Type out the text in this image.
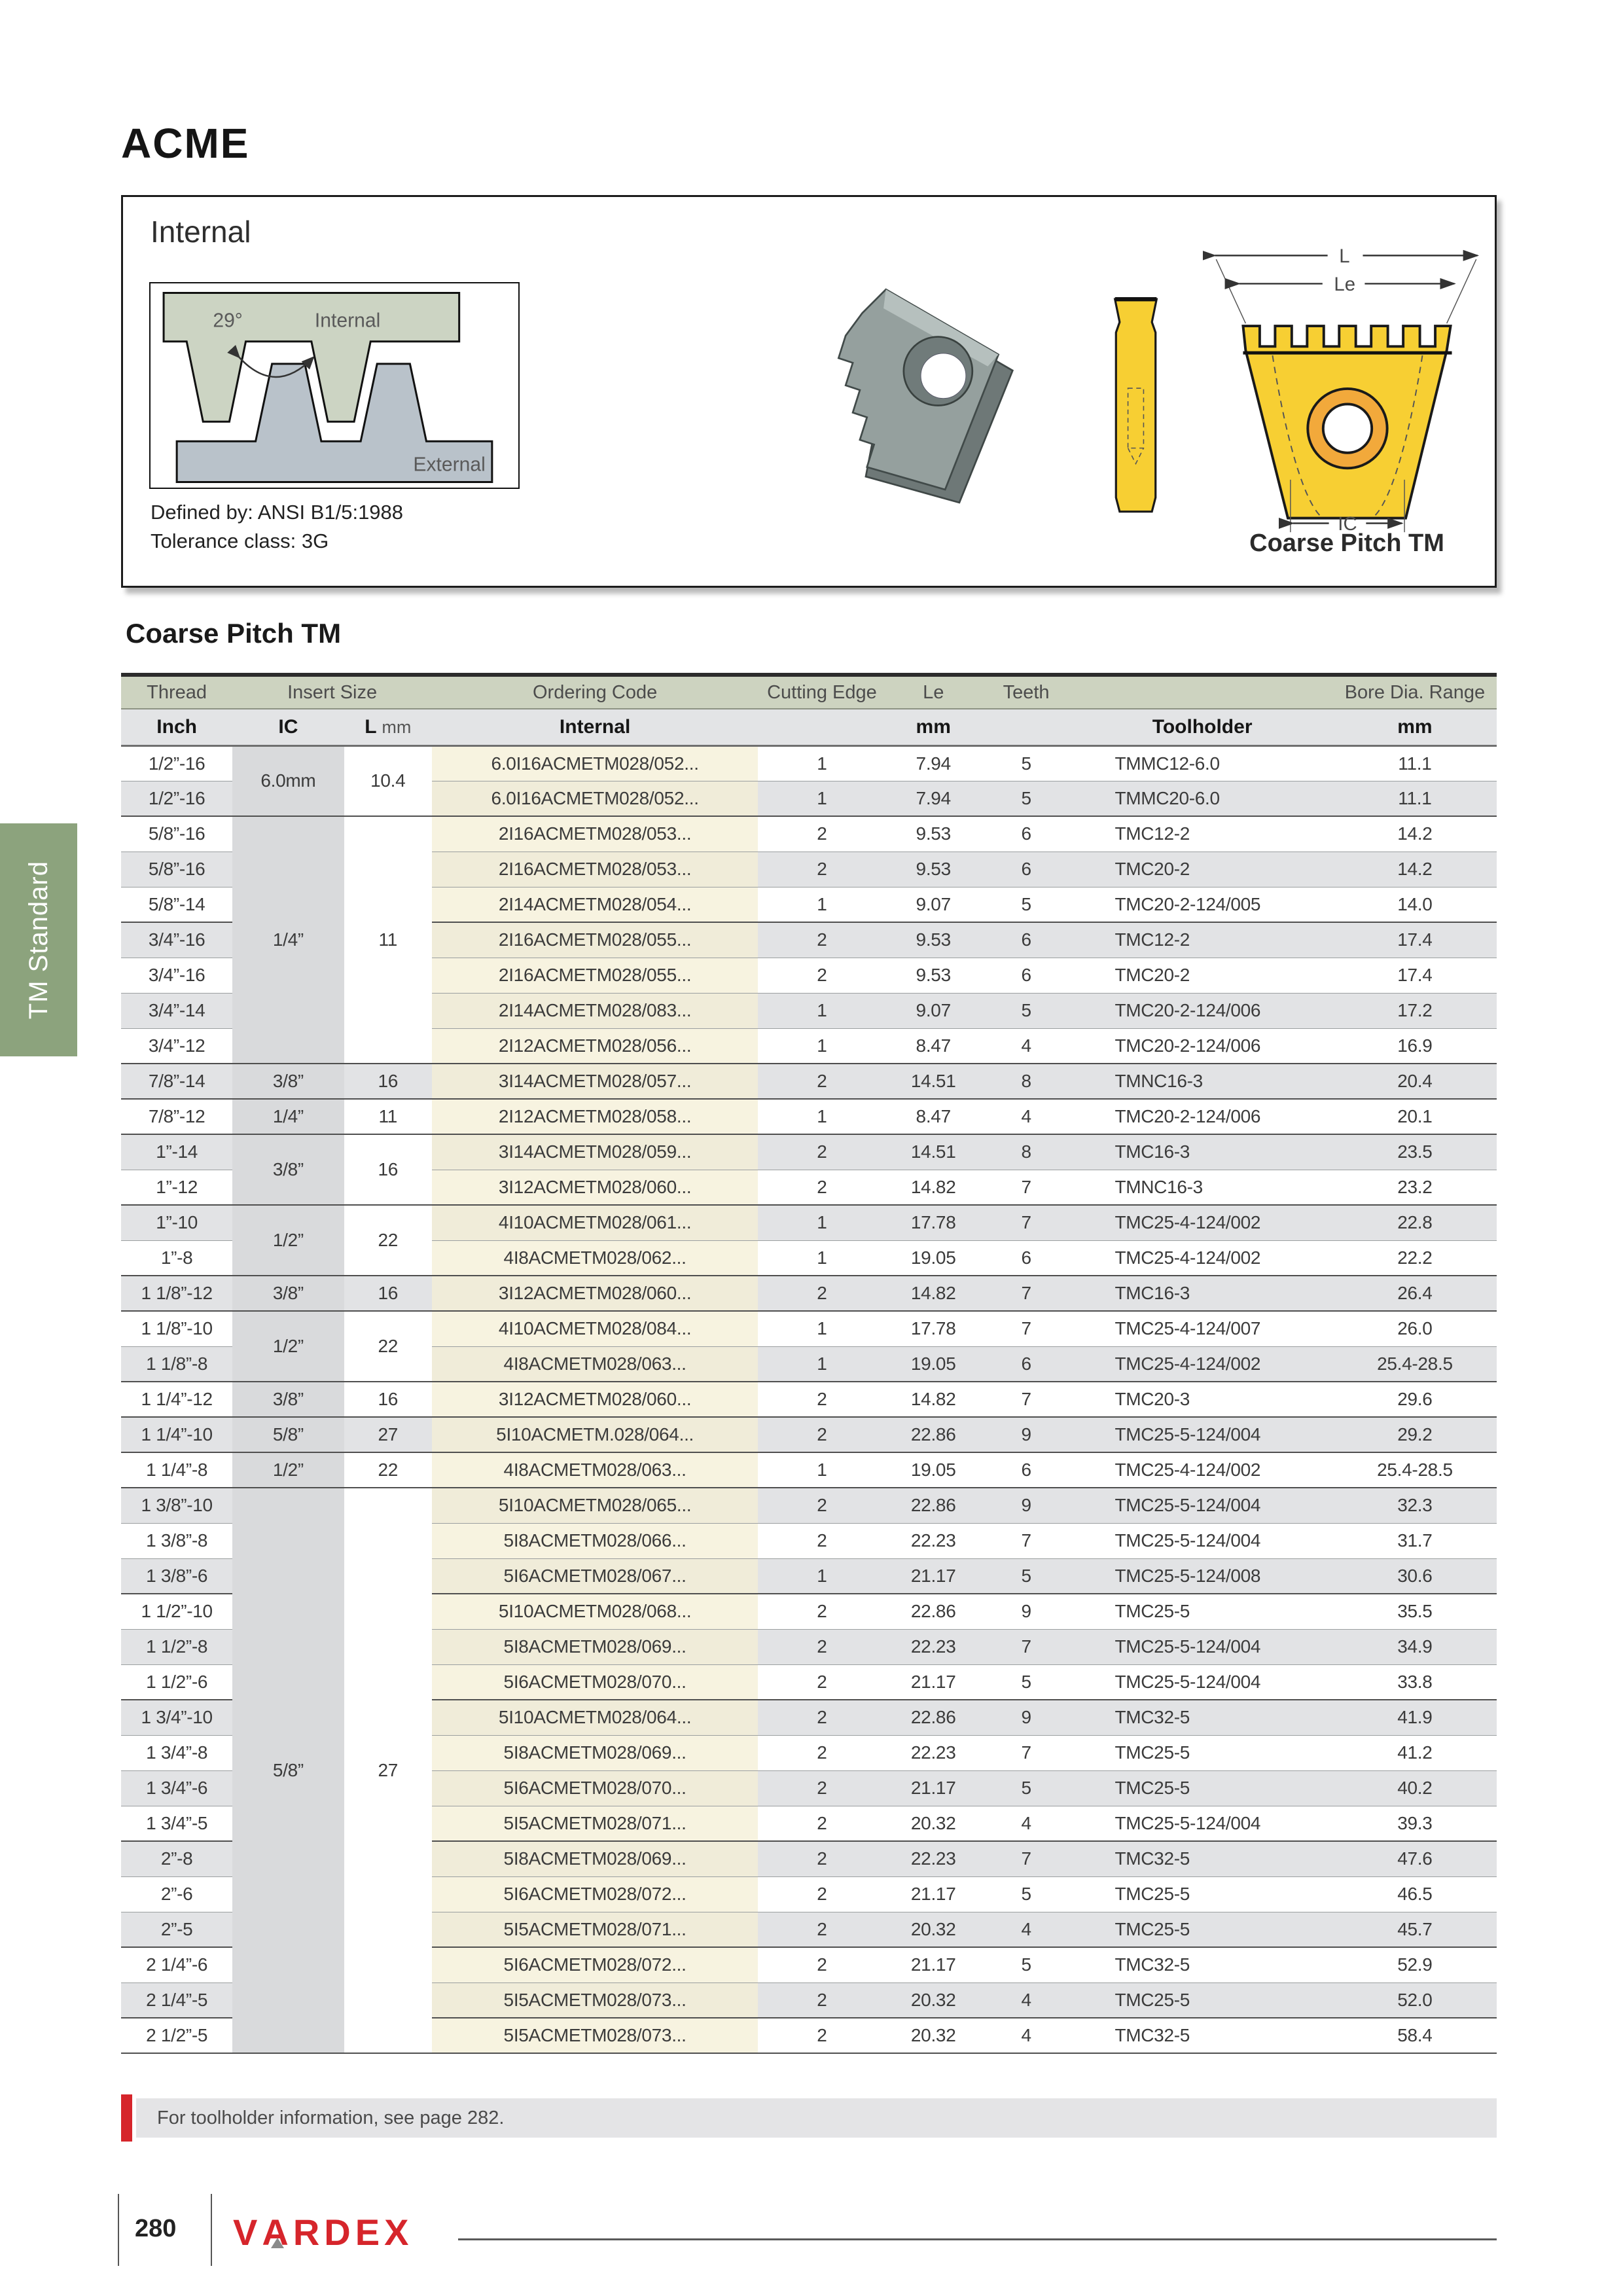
ACME
Internal
29°	Internal
External
Defined by: ANSI B1/5:1988
Tolerance class: 3G
L
Le
IC
Coarse Pitch TM
Coarse Pitch TM
Thread	Insert Size		Ordering Code	Cutting Edge	Le	Teeth		Bore Dia. Range
Inch	IC	L mm	Internal		mm		Toolholder	mm
1/2”-16	6.0mm	10.4	6.0I16ACMETM028/052...	1	7.94	5	TMMC12-6.0	11.1
1/2”-16			6.0I16ACMETM028/052...	1	7.94	5	TMMC20-6.0	11.1
5/8”-16	1/4”	11	2I16ACMETM028/053...	2	9.53	6	TMC12-2	14.2
5/8”-16			2I16ACMETM028/053...	2	9.53	6	TMC20-2	14.2
5/8”-14			2I14ACMETM028/054...	1	9.07	5	TMC20-2-124/005	14.0
3/4”-16			2I16ACMETM028/055...	2	9.53	6	TMC12-2	17.4
3/4”-16			2I16ACMETM028/055...	2	9.53	6	TMC20-2	17.4
3/4”-14			2I14ACMETM028/083...	1	9.07	5	TMC20-2-124/006	17.2
3/4”-12			2I12ACMETM028/056...	1	8.47	4	TMC20-2-124/006	16.9
7/8”-14	3/8”	16	3I14ACMETM028/057...	2	14.51	8	TMNC16-3	20.4
7/8”-12	1/4”	11	2I12ACMETM028/058...	1	8.47	4	TMC20-2-124/006	20.1
1”-14	3/8”	16	3I14ACMETM028/059...	2	14.51	8	TMC16-3	23.5
1”-12			3I12ACMETM028/060...	2	14.82	7	TMNC16-3	23.2
1”-10	1/2”	22	4I10ACMETM028/061...	1	17.78	7	TMC25-4-124/002	22.8
1”-8			4I8ACMETM028/062...	1	19.05	6	TMC25-4-124/002	22.2
1 1/8”-12	3/8”	16	3I12ACMETM028/060...	2	14.82	7	TMC16-3	26.4
1 1/8”-10	1/2”	22	4I10ACMETM028/084...	1	17.78	7	TMC25-4-124/007	26.0
1 1/8”-8			4I8ACMETM028/063...	1	19.05	6	TMC25-4-124/002	25.4-28.5
1 1/4”-12	3/8”	16	3I12ACMETM028/060...	2	14.82	7	TMC20-3	29.6
1 1/4”-10	5/8”	27	5I10ACMETM.028/064...	2	22.86	9	TMC25-5-124/004	29.2
1 1/4”-8	1/2”	22	4I8ACMETM028/063...	1	19.05	6	TMC25-4-124/002	25.4-28.5
1 3/8”-10	5/8”	27	5I10ACMETM028/065...	2	22.86	9	TMC25-5-124/004	32.3
1 3/8”-8			5I8ACMETM028/066...	2	22.23	7	TMC25-5-124/004	31.7
1 3/8”-6			5I6ACMETM028/067...	1	21.17	5	TMC25-5-124/008	30.6
1 1/2”-10			5I10ACMETM028/068...	2	22.86	9	TMC25-5	35.5
1 1/2”-8			5I8ACMETM028/069...	2	22.23	7	TMC25-5-124/004	34.9
1 1/2”-6			5I6ACMETM028/070...	2	21.17	5	TMC25-5-124/004	33.8
1 3/4”-10			5I10ACMETM028/064...	2	22.86	9	TMC32-5	41.9
1 3/4”-8			5I8ACMETM028/069...	2	22.23	7	TMC25-5	41.2
1 3/4”-6			5I6ACMETM028/070...	2	21.17	5	TMC25-5	40.2
1 3/4”-5			5I5ACMETM028/071...	2	20.32	4	TMC25-5-124/004	39.3
2”-8			5I8ACMETM028/069...	2	22.23	7	TMC32-5	47.6
2”-6			5I6ACMETM028/072...	2	21.17	5	TMC25-5	46.5
2”-5			5I5ACMETM028/071...	2	20.32	4	TMC25-5	45.7
2 1/4”-6			5I6ACMETM028/072...	2	21.17	5	TMC32-5	52.9
2 1/4”-5			5I5ACMETM028/073...	2	20.32	4	TMC25-5	52.0
2 1/2”-5			5I5ACMETM028/073...	2	20.32	4	TMC32-5	58.4
TM Standard
For toolholder information, see page 282.
280 VARDEX
